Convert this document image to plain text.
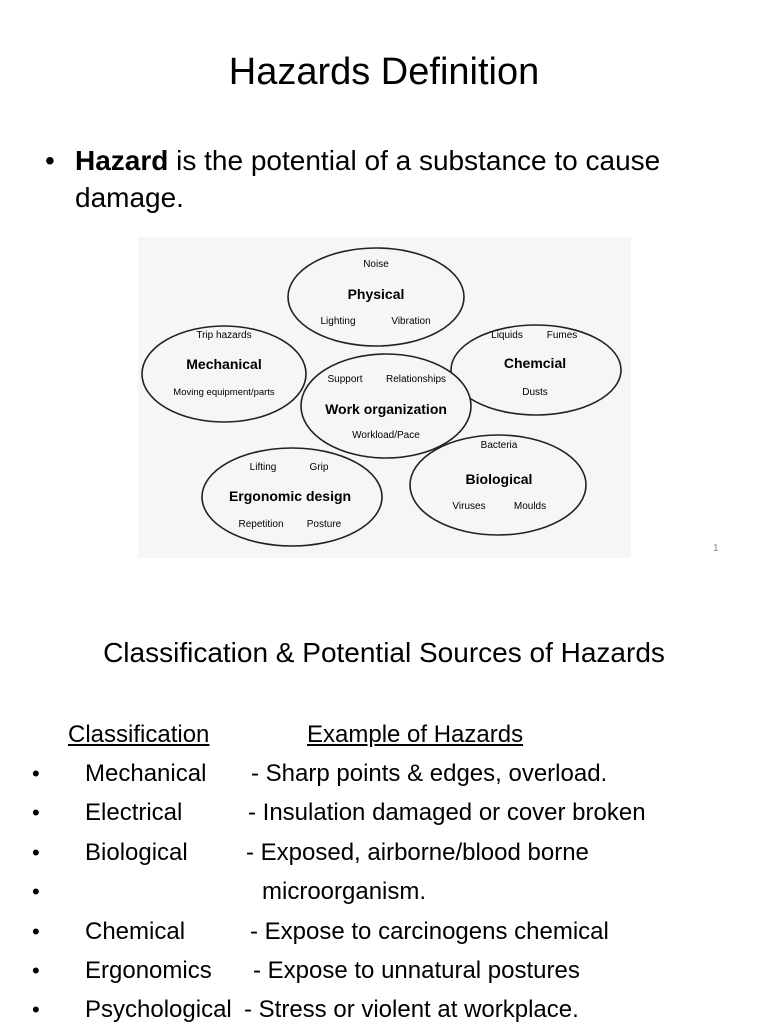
Hazards Definition
• Hazard is the potential of a substance to cause damage.
Noise
Physical
Lighting	Vibration
Trip hazards
Mechanical
Moving equipment/parts
Liquids Fumes
Chemcial
Dusts
Support Relationships
Work organization
Workload/Pace
Lifting	Grip
Ergonomic design
Repetition Posture
Bacteria
Biological
Viruses	Moulds
1
Classification & Potential Sources of Hazards
Classification	Example of Hazards
• Mechanical - Sharp points & edges, overload.
• Electrical	- Insulation damaged or cover broken
• Biological - Exposed, airborne/blood borne
•	microorganism.
• Chemical	- Expose to carcinogens chemical
• Ergonomics - Expose to unnatural postures
• Psychological - Stress or violent at workplace.
